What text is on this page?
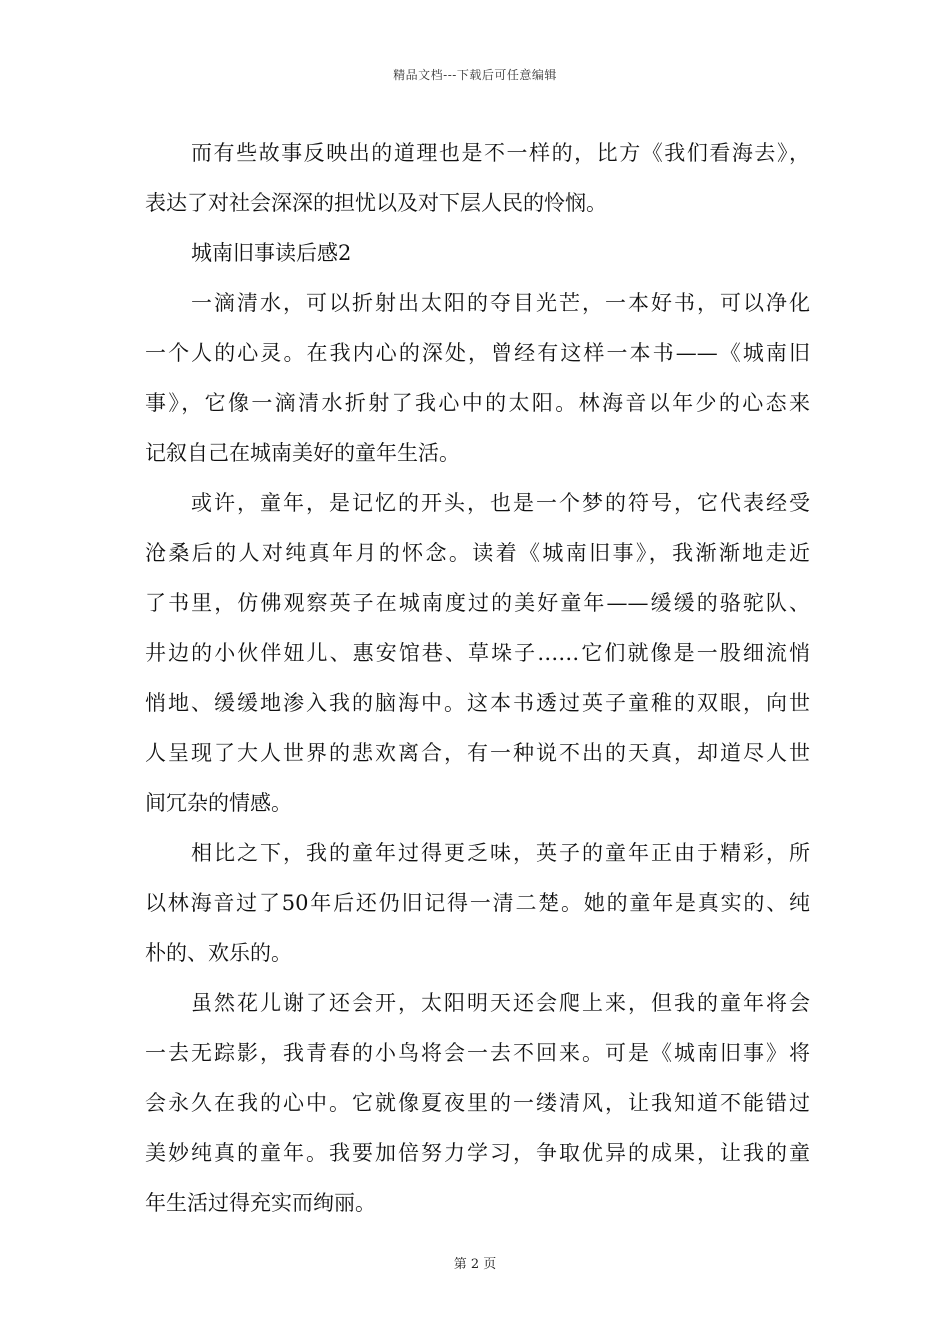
精品文档---下载后可任意编辑
而有些故事反映出的道理也是不一样的，比方《我们看海去》，
表达了对社会深深的担忧以及对下层人民的怜悯。
城南旧事读后感2
一滴清水，可以折射出太阳的夺目光芒，一本好书，可以净化
一个人的心灵。在我内心的深处，曾经有这样一本书——《城南旧
事》，它像一滴清水折射了我心中的太阳。林海音以年少的心态来
记叙自己在城南美好的童年生活。
或许，童年，是记忆的开头，也是一个梦的符号，它代表经受
沧桑后的人对纯真年月的怀念。读着《城南旧事》，我渐渐地走近
了书里，仿佛观察英子在城南度过的美好童年——缓缓的骆驼队、
井边的小伙伴妞儿、惠安馆巷、草垛子……它们就像是一股细流悄
悄地、缓缓地渗入我的脑海中。这本书透过英子童稚的双眼，向世
人呈现了大人世界的悲欢离合，有一种说不出的天真，却道尽人世
间冗杂的情感。
相比之下，我的童年过得更乏味，英子的童年正由于精彩，所
以林海音过了50年后还仍旧记得一清二楚。她的童年是真实的、纯
朴的、欢乐的。
虽然花儿谢了还会开，太阳明天还会爬上来，但我的童年将会
一去无踪影，我青春的小鸟将会一去不回来。可是《城南旧事》将
会永久在我的心中。它就像夏夜里的一缕清风，让我知道不能错过
美妙纯真的童年。我要加倍努力学习，争取优异的成果，让我的童
年生活过得充实而绚丽。
第 2 页
